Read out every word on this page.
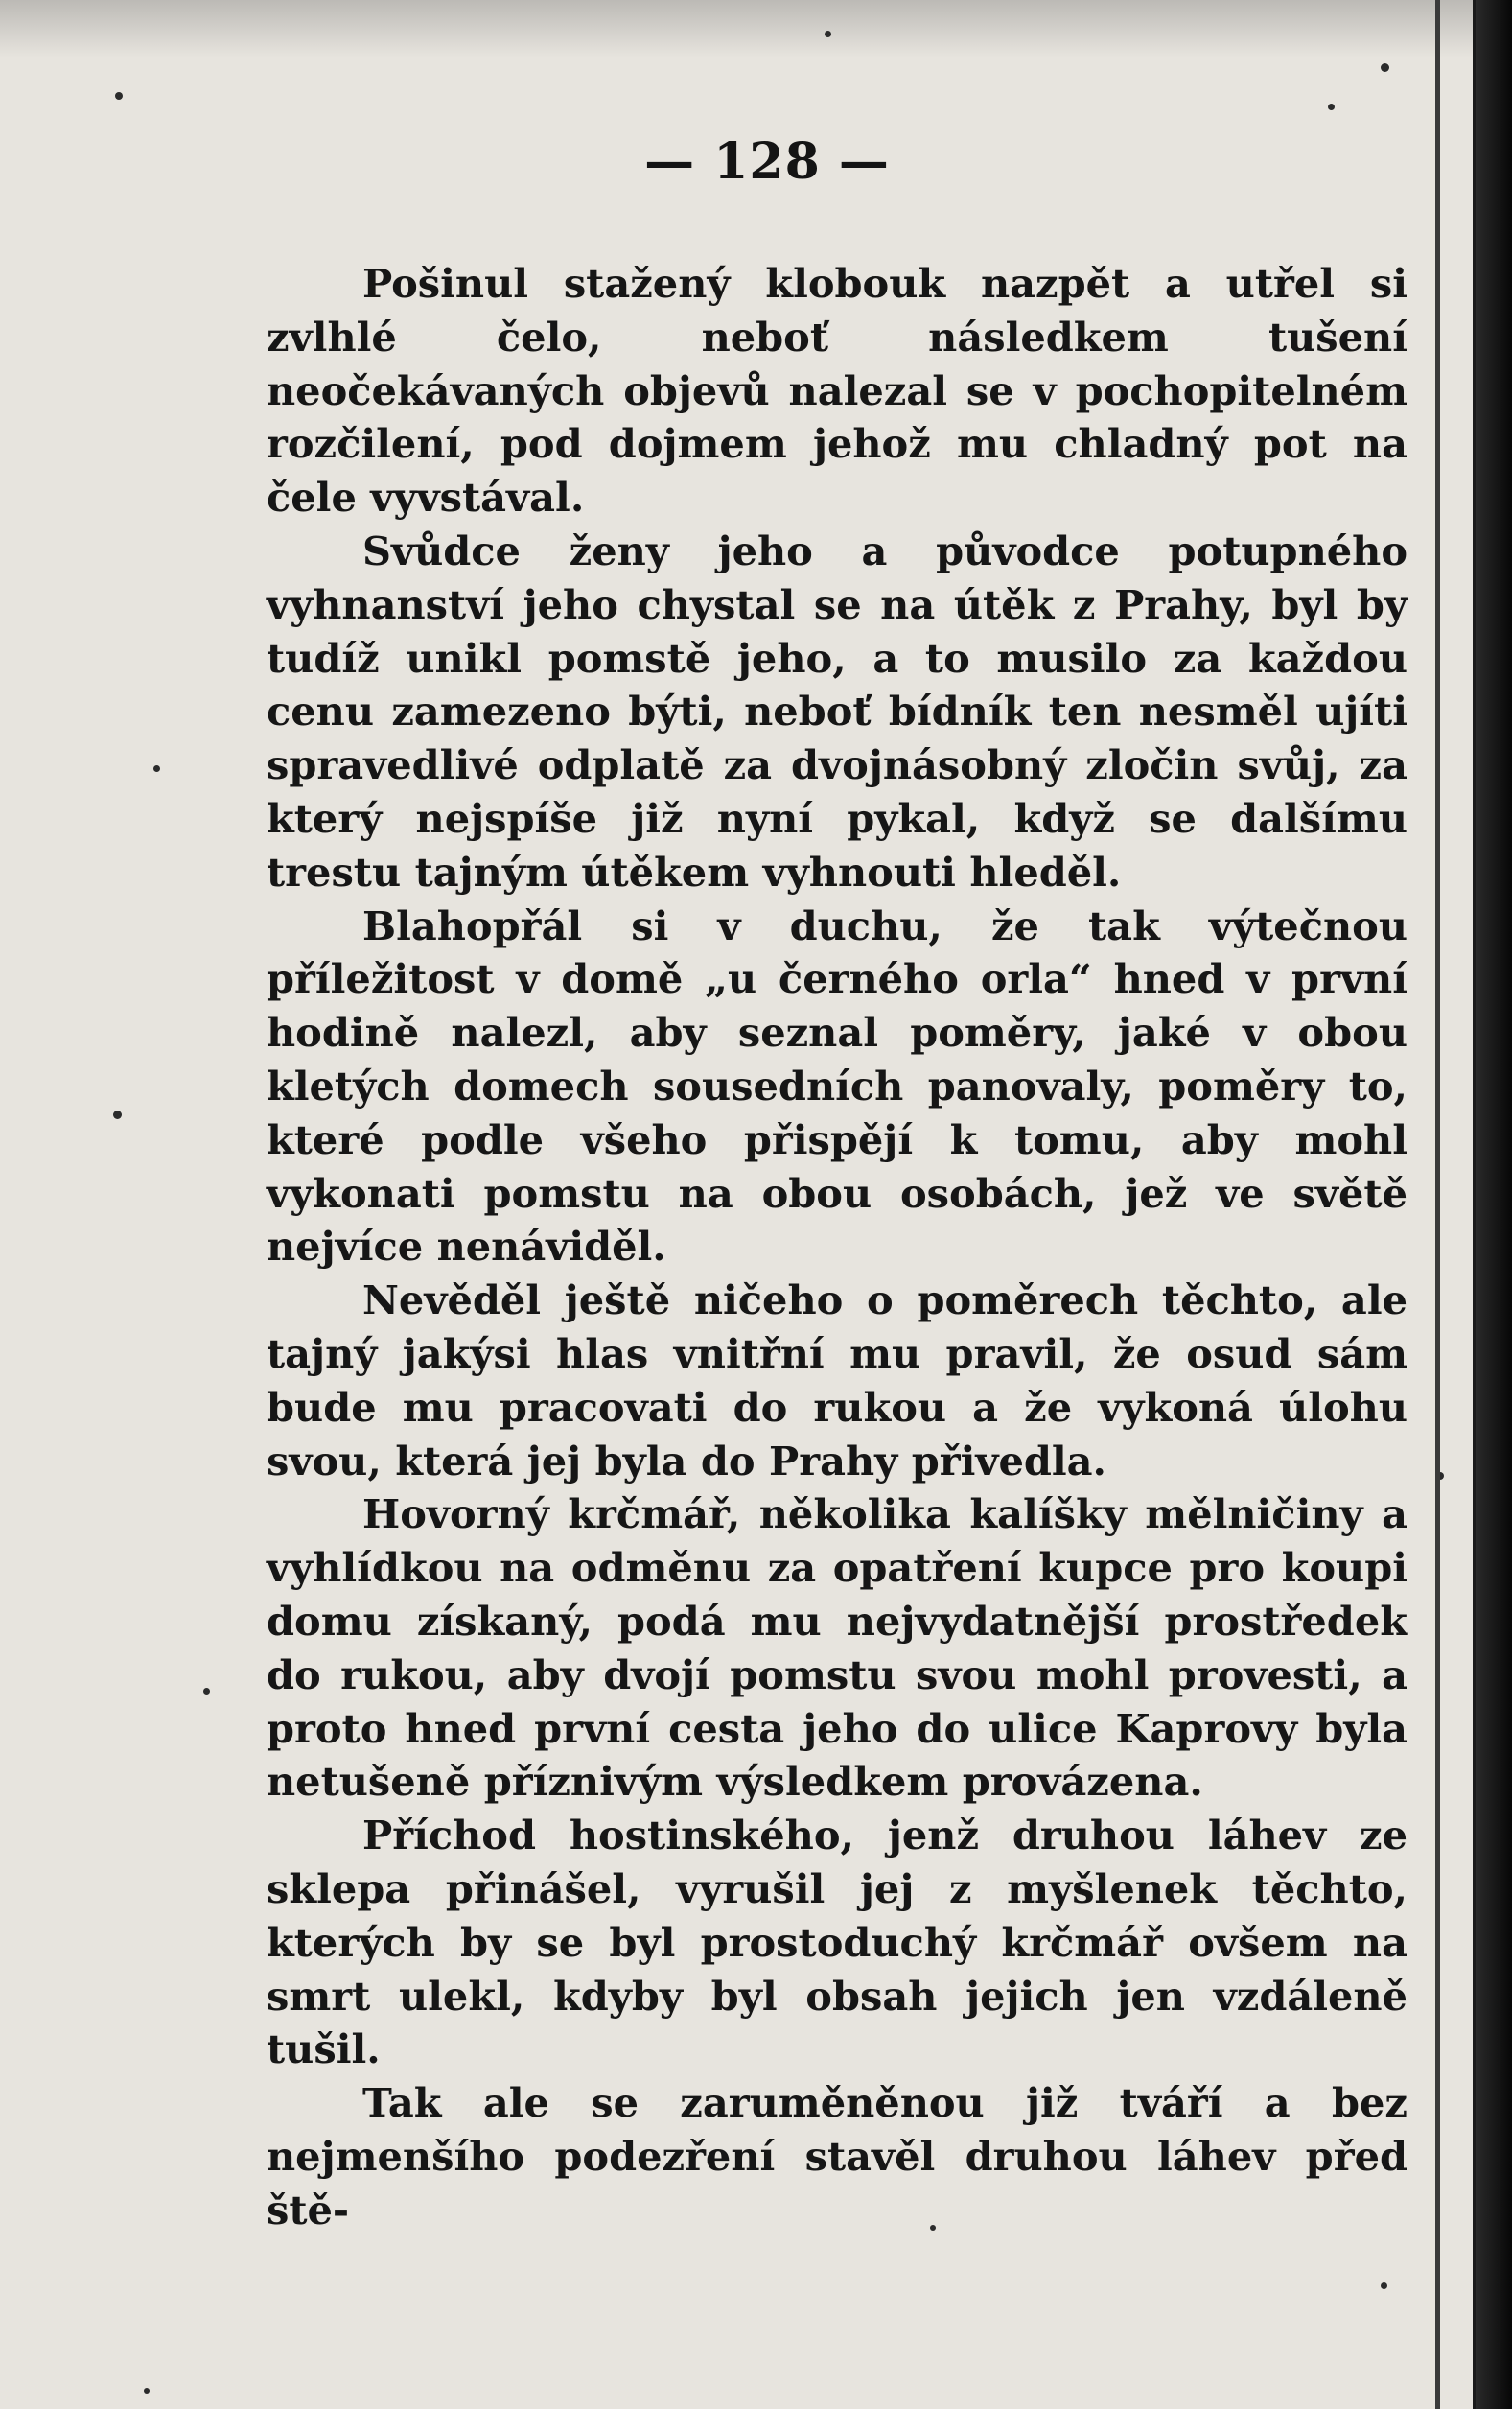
— 128 —

Pošinul stažený klobouk nazpět a utřel si zvlhlé čelo, neboť následkem tušení neočekávaných objevů nalezal se v pochopitelném rozčilení, pod dojmem jehož mu chladný pot na čele vyvstával.

Svůdce ženy jeho a původce potupného vyhnanství jeho chystal se na útěk z Prahy, byl by tudíž unikl pomstě jeho, a to musilo za každou cenu zamezeno býti, neboť bídník ten nesměl ujíti spravedlivé odplatě za dvojnásobný zločin svůj, za který nejspíše již nyní pykal, když se dalšímu trestu tajným útěkem vyhnouti hleděl.

Blahopřál si v duchu, že tak výtečnou příležitost v domě „u černého orla“ hned v první hodině nalezl, aby seznal poměry, jaké v obou kletých domech sousedních panovaly, poměry to, které podle všeho přispějí k tomu, aby mohl vykonati pomstu na obou osobách, jež ve světě nejvíce nenáviděl.

Nevěděl ještě ničeho o poměrech těchto, ale tajný jakýsi hlas vnitřní mu pravil, že osud sám bude mu pracovati do rukou a že vykoná úlohu svou, která jej byla do Prahy přivedla.

Hovorný krčmář, několika kalíšky mělničiny a vyhlídkou na odměnu za opatření kupce pro koupi domu získaný, podá mu nejvydatnější prostředek do rukou, aby dvojí pomstu svou mohl provesti, a proto hned první cesta jeho do ulice Kaprovy byla netušeně příznivým výsledkem provázena.

Příchod hostinského, jenž druhou láhev ze sklepa přinášel, vyrušil jej z myšlenek těchto, kterých by se byl prostoduchý krčmář ovšem na smrt ulekl, kdyby byl obsah jejich jen vzdáleně tušil.

Tak ale se zaruměněnou již tváří a bez nejmenšího podezření stavěl druhou láhev před ště-
